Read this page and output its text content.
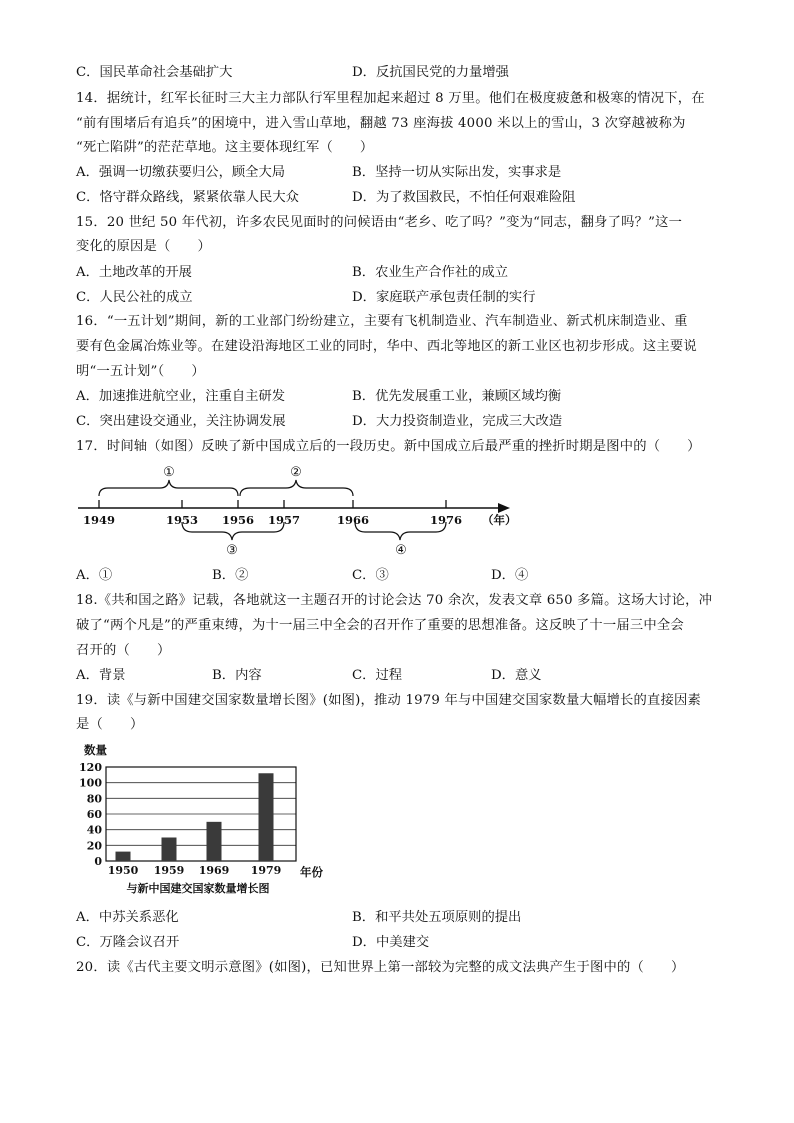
C．国民革命社会基础扩大	D．反抗国民党的力量增强
14．据统计，红军长征时三大主力部队行军里程加起来超过 8 万里。他们在极度疲惫和极寒的情况下，在
“前有围堵后有追兵”的困境中，进入雪山草地，翻越 73 座海拔 4000 米以上的雪山，3 次穿越被称为
“死亡陷阱”的茫茫草地。这主要体现红军（　　）
A．强调一切缴获要归公，顾全大局	B．坚持一切从实际出发，实事求是
C．恪守群众路线，紧紧依靠人民大众	D．为了救国救民，不怕任何艰难险阻
15．20 世纪 50 年代初，许多农民见面时的问候语由“老乡、吃了吗？”变为“同志，翻身了吗？”这一
变化的原因是（　　）
A．土地改革的开展	B．农业生产合作社的成立
C．人民公社的成立	D．家庭联产承包责任制的实行
16．“一五计划”期间，新的工业部门纷纷建立，主要有飞机制造业、汽车制造业、新式机床制造业、重
要有色金属冶炼业等。在建设沿海地区工业的同时，华中、西北等地区的新工业区也初步形成。这主要说
明“一五计划”（　　）
A．加速推进航空业，注重自主研发	B．优先发展重工业，兼顾区域均衡
C．突出建设交通业，关注协调发展	D．大力投资制造业，完成三大改造
17．时间轴（如图）反映了新中国成立后的一段历史。新中国成立后最严重的挫折时期是图中的（　　）
①	②
③	④
1949	1953 1956 1957	1966	1976 （年）
A．①	B．②	C．③	D．④
18.《共和国之路》记载，各地就这一主题召开的讨论会达 70 余次，发表文章 650 多篇。这场大讨论，冲
破了“两个凡是”的严重束缚，为十一届三中全会的召开作了重要的思想准备。这反映了十一届三中全会
召开的（　　）
A．背景	B．内容	C．过程	D．意义
19．读《与新中国建交国家数量增长图》(如图)，推动 1979 年与中国建交国家数量大幅增长的直接因素
是（　　）
数量
0
20
40
60
80
100
120
1950 1959 1969 1979 年份
与新中国建交国家数量增长图
A．中苏关系恶化	B．和平共处五项原则的提出
C．万隆会议召开	D．中美建交
20．读《古代主要文明示意图》(如图)，已知世界上第一部较为完整的成文法典产生于图中的（　　）
